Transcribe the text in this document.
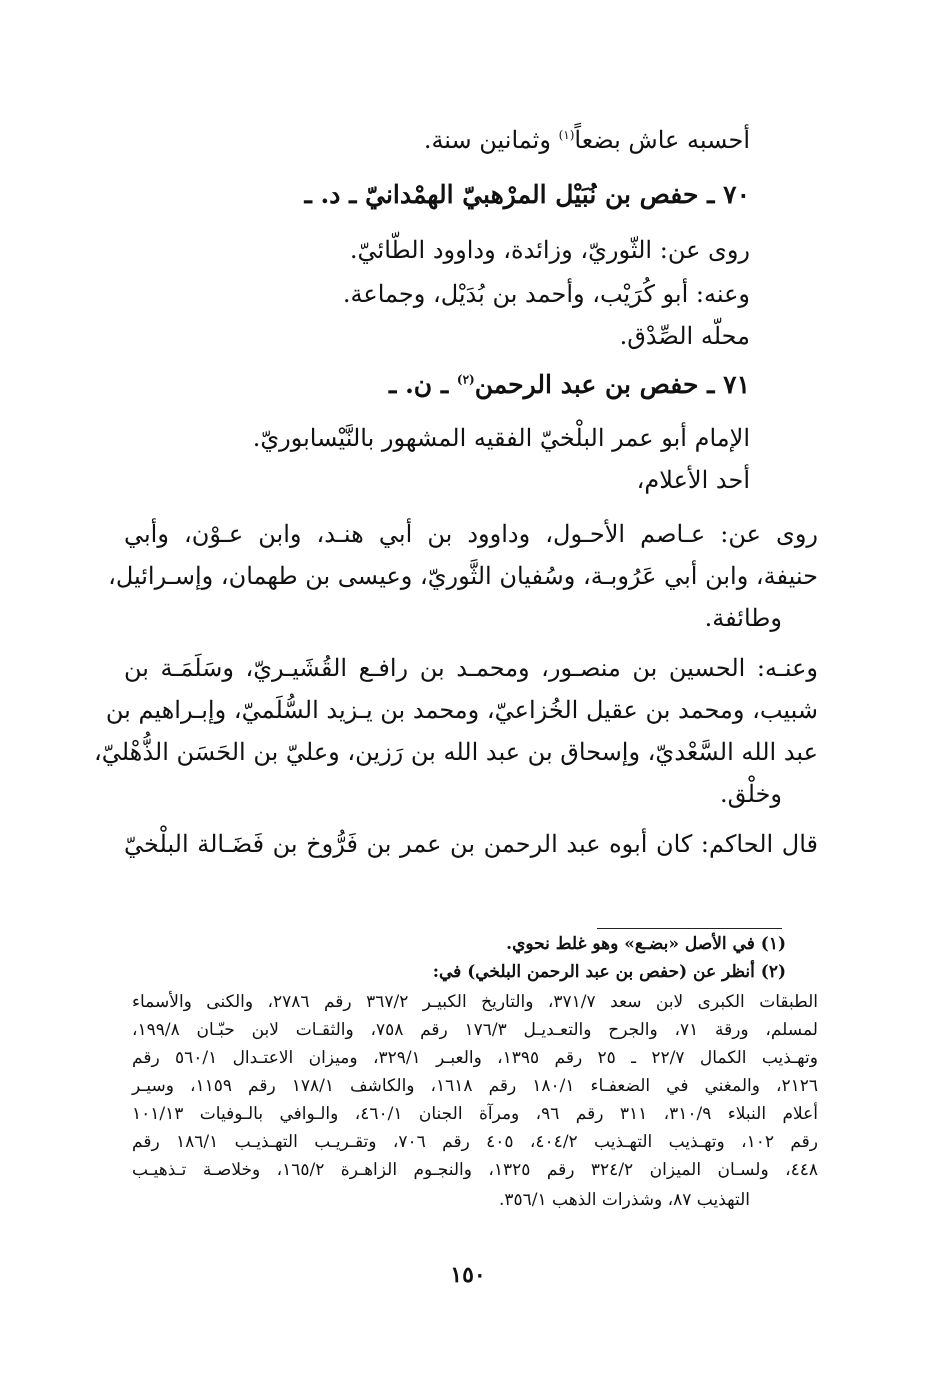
أحسبه عاش بضعاً$^{(١)}$ وثمانين سنة.

٧٠ ـ حفص بن نُبَيْل المرْهبيّ الهمْدانيّ ـ د. ـ

روى عن: الثّوريّ، وزائدة، وداوود الطّائيّ.

وعنه: أبو كُرَيْب، وأحمد بن بُدَيْل، وجماعة.

محلّه الصِّدْق.

٧١ ـ حفص بن عبد الرحمن$^{(٢)}$ ـ ن. ـ

الإمام أبو عمر البلْخيّ الفقيه المشهور بالنَّيْسابوريّ.

أحد الأعلام،

روى عن: عـاصم الأحـول، وداوود بن أبي هنـد، وابن عـوْن، وأبي

حنيفة، وابن أبي عَرُوبـة، وسُفيان الثَّوريّ، وعيسى بن طهمان، وإسـرائيل،

وطائفة.

وعنـه: الحسين بن منصـور، ومحمـد بن رافـع القُشَيـريّ، وسَلَمَـة بن

شبيب، ومحمد بن عقيل الخُزاعيّ، ومحمد بن يـزيد السُّلَميّ، وإبـراهيم بن

عبد الله السَّعْديّ، وإسحاق بن عبد الله بن رَزين، وعليّ بن الحَسَن الذُّهْليّ،

وخلْق.

قال الحاكم: كان أبوه عبد الرحمن بن عمر بن فَرُّوخ بن فَضَـالة البلْخيّ

(١) في الأصل «بضـع» وهو غلط نحوي.

(٢) أنظر عن (حفص بن عبد الرحمن البلخي) في:

الطبقات الكبرى لابن سعد ٣٧١/٧، والتاريخ الكبيـر ٣٦٧/٢ رقم ٢٧٨٦، والكنى والأسماء

لمسلم، ورقة ٧١، والجرح والتعـديـل ١٧٦/٣ رقم ٧٥٨، والثقـات لابن حبّـان ١٩٩/٨،

وتهـذيب الكمال ٢٢/٧ ـ ٢٥ رقم ١٣٩٥، والعبـر ٣٢٩/١، وميزان الاعتـدال ٥٦٠/١ رقم

٢١٢٦، والمغني في الضعفـاء ١٨٠/١ رقم ١٦١٨، والكاشف ١٧٨/١ رقم ١١٥٩، وسيـر

أعلام النبلاء ٣١٠/٩، ٣١١ رقم ٩٦، ومرآة الجنان ٤٦٠/١، والـوافي بالـوفيات ١٠١/١٣

رقم ١٠٢، وتهـذيب التهـذيب ٤٠٤/٢، ٤٠٥ رقم ٧٠٦، وتقـريـب التهـذيـب ١٨٦/١ رقم

٤٤٨، ولسـان الميزان ٣٢٤/٢ رقم ١٣٢٥، والنجـوم الزاهـرة ١٦٥/٢، وخلاصـة تـذهيـب

التهذيب ٨٧، وشذرات الذهب ٣٥٦/١.

١٥٠
